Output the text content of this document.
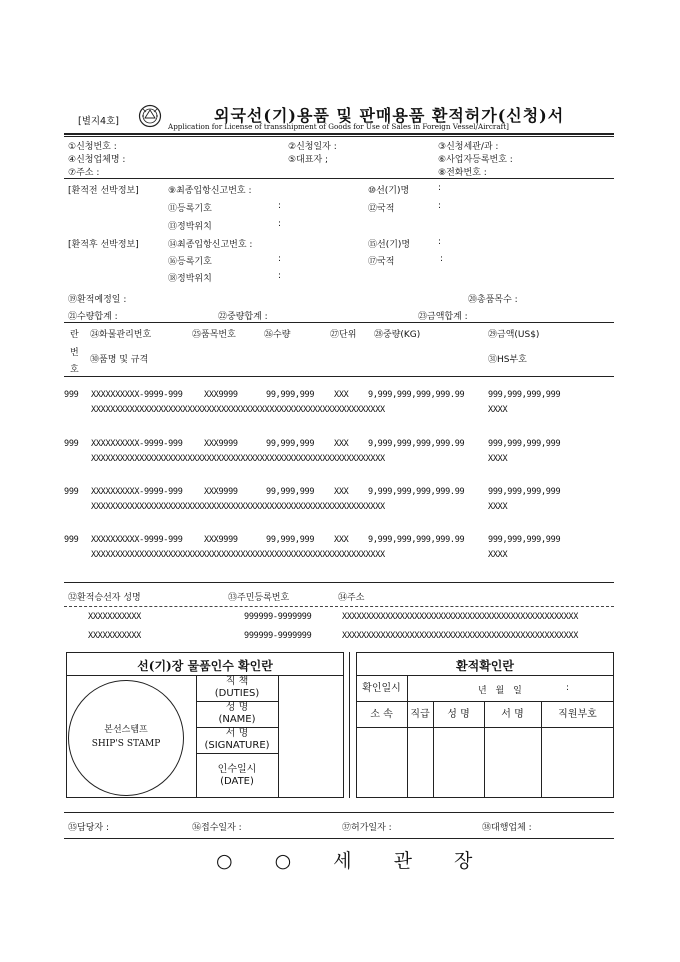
[별지4호]	외국선(기)용품 및 판매용품 환적허가(신청)서
Application for License of transshipment of Goods for Use of Sales in Foreign Vessel/Aircraft]
①신청번호 :	②신청일자 :	③신청세관/과 :
④신청업체명 :	⑤대표자 ;	⑥사업자등록번호 :
⑦주소 :	⑧전화번호 :
[환적전 선박정보]	⑨최종입항신고번호 :	⑩선(기)명	:
⑪등록기호	:	⑫국적	:
⑬정박위치	:
[환적후 선박정보]	⑭최종입항신고번호 :	⑮선(기)명	:
⑯등록기호	:	⑰국적	:
⑱정박위치	:
⑲환적예정일 :	⑳총품목수 :
㉑수량합계 :	㉒중량합계 :	㉓금액합계 :
란
번
호
㉔화물관리번호	㉕품목번호	㉖수량	㉗단위 ㉘중량(KG)	㉙금액(US$)
㉚품명 및 규격	㉛HS부호
999 XXXXXXXXXX-9999-999	XXX9999	99,999,999 XXX 9,999,999,999,999.99	999,999,999,999
XXXXXXXXXXXXXXXXXXXXXXXXXXXXXXXXXXXXXXXXXXXXXXXXXXXXXXXXXXXXX	XXXX
999 XXXXXXXXXX-9999-999	XXX9999	99,999,999 XXX 9,999,999,999,999.99	999,999,999,999
XXXXXXXXXXXXXXXXXXXXXXXXXXXXXXXXXXXXXXXXXXXXXXXXXXXXXXXXXXXXX	XXXX
999 XXXXXXXXXX-9999-999	XXX9999	99,999,999 XXX 9,999,999,999,999.99	999,999,999,999
XXXXXXXXXXXXXXXXXXXXXXXXXXXXXXXXXXXXXXXXXXXXXXXXXXXXXXXXXXXXX	XXXX
999 XXXXXXXXXX-9999-999	XXX9999	99,999,999 XXX 9,999,999,999,999.99	999,999,999,999
XXXXXXXXXXXXXXXXXXXXXXXXXXXXXXXXXXXXXXXXXXXXXXXXXXXXXXXXXXXXX	XXXX
㉜환적승선자 성명	㉝주민등록번호	㉞주소
XXXXXXXXXXX	999999-9999999	XXXXXXXXXXXXXXXXXXXXXXXXXXXXXXXXXXXXXXXXXXXXXXXXX
XXXXXXXXXXX	999999-9999999	XXXXXXXXXXXXXXXXXXXXXXXXXXXXXXXXXXXXXXXXXXXXXXXXX
선(기)장 물품인수 확인란
본선스템프
SHIP'S STAMP
직 책
(DUTIES)
성 명
(NAME)
서 명
(SIGNATURE)
인수일시
(DATE)
환적확인란
확인일시	년 월 일	:
소 속	직급	성 명	서 명	직원부호
㉟담당자 :	㊱접수일자 :	㊲허가일자 :	㊳대행업체 :
○ ○ 세 관 장
